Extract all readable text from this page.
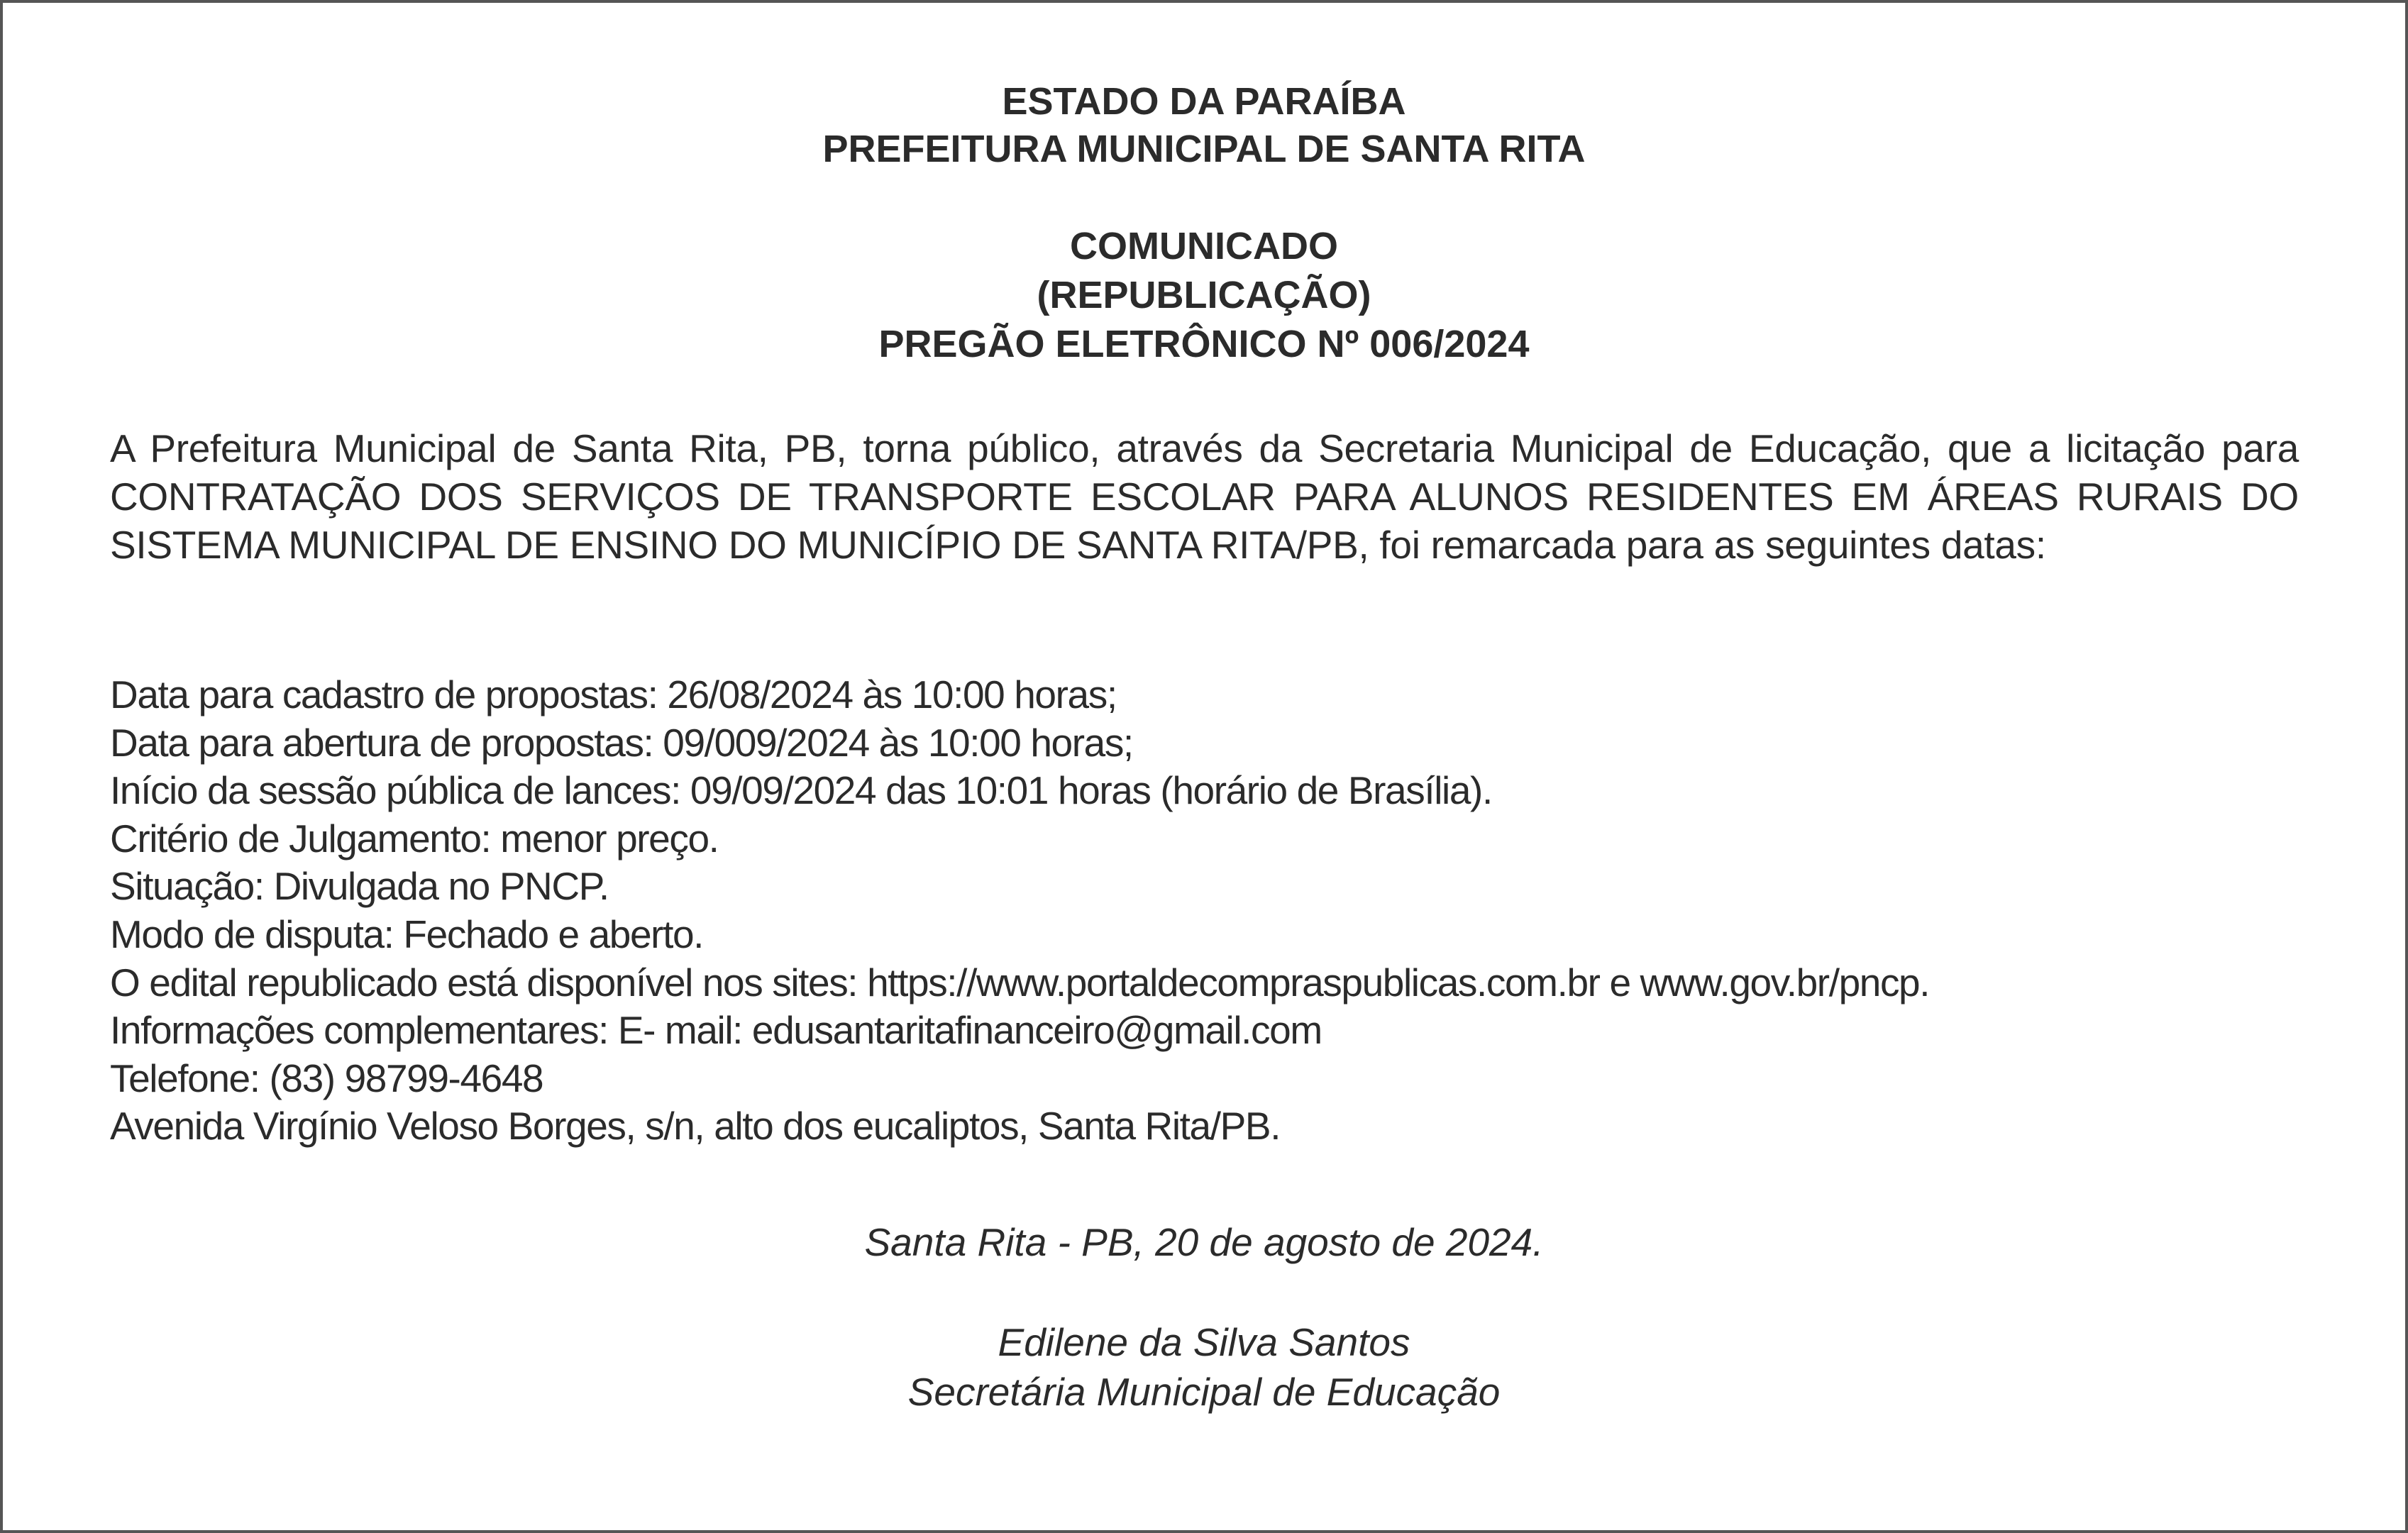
ESTADO DA PARAÍBA
PREFEITURA MUNICIPAL DE SANTA RITA
COMUNICADO
(REPUBLICAÇÃO)
PREGÃO ELETRÔNICO Nº 006/2024
A Prefeitura Municipal de Santa Rita, PB, torna público, através da Secretaria Municipal de Educação, que a licitação para CONTRATAÇÃO DOS SERVIÇOS DE TRANSPORTE ESCOLAR PARA ALUNOS RESIDENTES EM ÁREAS RURAIS DO SISTEMA MUNICIPAL DE ENSINO DO MUNICÍPIO DE SANTA RITA/PB, foi remarcada para as seguintes datas:
Data para cadastro de propostas: 26/08/2024 às 10:00 horas;
Data para abertura de propostas: 09/009/2024 às 10:00 horas;
Início da sessão pública de lances: 09/09/2024 das 10:01 horas (horário de Brasília).
Critério de Julgamento: menor preço.
Situação: Divulgada no PNCP.
Modo de disputa: Fechado e aberto.
O edital republicado está disponível nos sites: https://www.portaldecompraspublicas.com.br e www.gov.br/pncp.
Informações complementares: E- mail: edusantaritafinanceiro@gmail.com
Telefone: (83) 98799-4648
Avenida Virgínio Veloso Borges, s/n, alto dos eucaliptos, Santa Rita/PB.
Santa Rita - PB, 20 de agosto de 2024.
Edilene da Silva Santos
Secretária Municipal de Educação
